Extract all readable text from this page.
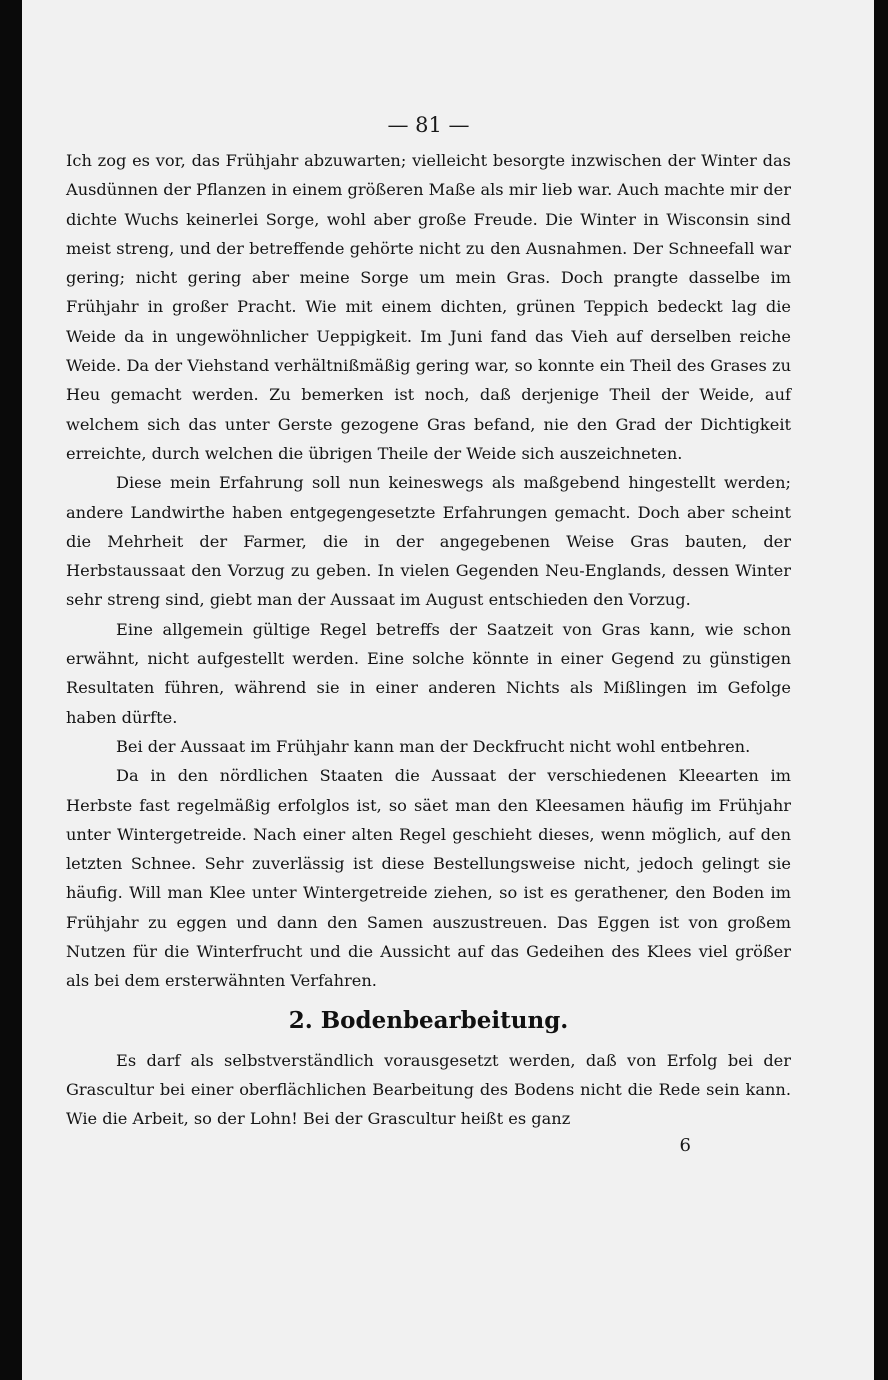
— 81 —

Ich zog es vor, das Frühjahr abzuwarten; vielleicht besorgte inzwischen der Winter das Ausdünnen der Pflanzen in einem größeren Maße als mir lieb war. Auch machte mir der dichte Wuchs keinerlei Sorge, wohl aber große Freude. Die Winter in Wisconsin sind meist streng, und der betreffende gehörte nicht zu den Ausnahmen. Der Schneefall war gering; nicht gering aber meine Sorge um mein Gras. Doch prangte dasselbe im Frühjahr in großer Pracht. Wie mit einem dichten, grünen Teppich bedeckt lag die Weide da in ungewöhnlicher Ueppigkeit. Im Juni fand das Vieh auf derselben reiche Weide. Da der Viehstand verhältnißmäßig gering war, so konnte ein Theil des Grases zu Heu gemacht werden. Zu bemerken ist noch, daß derjenige Theil der Weide, auf welchem sich das unter Gerste gezogene Gras befand, nie den Grad der Dichtigkeit erreichte, durch welchen die übrigen Theile der Weide sich auszeichneten.

Diese mein Erfahrung soll nun keineswegs als maßgebend hingestellt werden; andere Landwirthe haben entgegengesetzte Erfahrungen gemacht. Doch aber scheint die Mehrheit der Farmer, die in der angegebenen Weise Gras bauten, der Herbstaussaat den Vorzug zu geben. In vielen Gegenden Neu-Englands, dessen Winter sehr streng sind, giebt man der Aussaat im August entschieden den Vorzug.

Eine allgemein gültige Regel betreffs der Saatzeit von Gras kann, wie schon erwähnt, nicht aufgestellt werden. Eine solche könnte in einer Gegend zu günstigen Resultaten führen, während sie in einer anderen Nichts als Mißlingen im Gefolge haben dürfte.

Bei der Aussaat im Frühjahr kann man der Deckfrucht nicht wohl entbehren.

Da in den nördlichen Staaten die Aussaat der verschiedenen Kleearten im Herbste fast regelmäßig erfolglos ist, so säet man den Kleesamen häufig im Frühjahr unter Wintergetreide. Nach einer alten Regel geschieht dieses, wenn möglich, auf den letzten Schnee. Sehr zuverlässig ist diese Bestellungsweise nicht, jedoch gelingt sie häufig. Will man Klee unter Wintergetreide ziehen, so ist es gerathener, den Boden im Frühjahr zu eggen und dann den Samen auszustreuen. Das Eggen ist von großem Nutzen für die Winterfrucht und die Aussicht auf das Gedeihen des Klees viel größer als bei dem ersterwähnten Verfahren.

2. Bodenbearbeitung.

Es darf als selbstverständlich vorausgesetzt werden, daß von Erfolg bei der Grascultur bei einer oberflächlichen Bearbeitung des Bodens nicht die Rede sein kann. Wie die Arbeit, so der Lohn! Bei der Grascultur heißt es ganz

6
